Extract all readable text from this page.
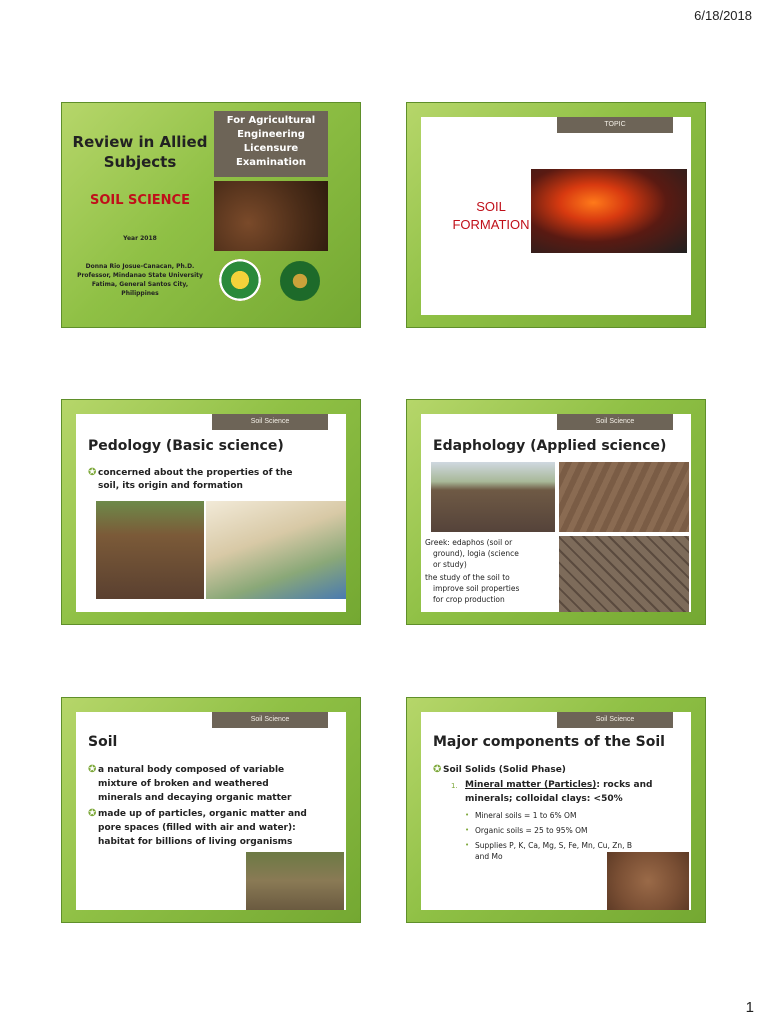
6/18/2018
Review in Allied
Subjects
SOIL SCIENCE
Year 2018
Donna Rio Josue-Canacan, Ph.D.
Professor, Mindanao State University
Fatima, General Santos City,
Philippines
For Agricultural
Engineering
Licensure
Examination
TOPIC
SOIL
FORMATION
Soil Science
Pedology (Basic science)
✪ concerned about the properties of the
soil, its origin and formation
Soil Science
Edaphology (Applied science)
Greek: edaphos (soil or
ground), logia (science
or study)
the study of the soil to
improve soil properties
for crop production
Soil Science
Soil
✪ a natural body composed of variable
mixture of broken and weathered
minerals and decaying organic matter
✪ made up of particles, organic matter and
pore spaces (filled with air and water):
habitat for billions of living organisms
Soil Science
Major components of the Soil
✪ Soil Solids (Solid Phase)
1. Mineral matter (Particles): rocks and
minerals; colloidal clays: <50%
• Mineral soils = 1 to 6% OM
• Organic soils = 25 to 95% OM
• Supplies P, K, Ca, Mg, S, Fe, Mn, Cu, Zn, B
and Mo
1
